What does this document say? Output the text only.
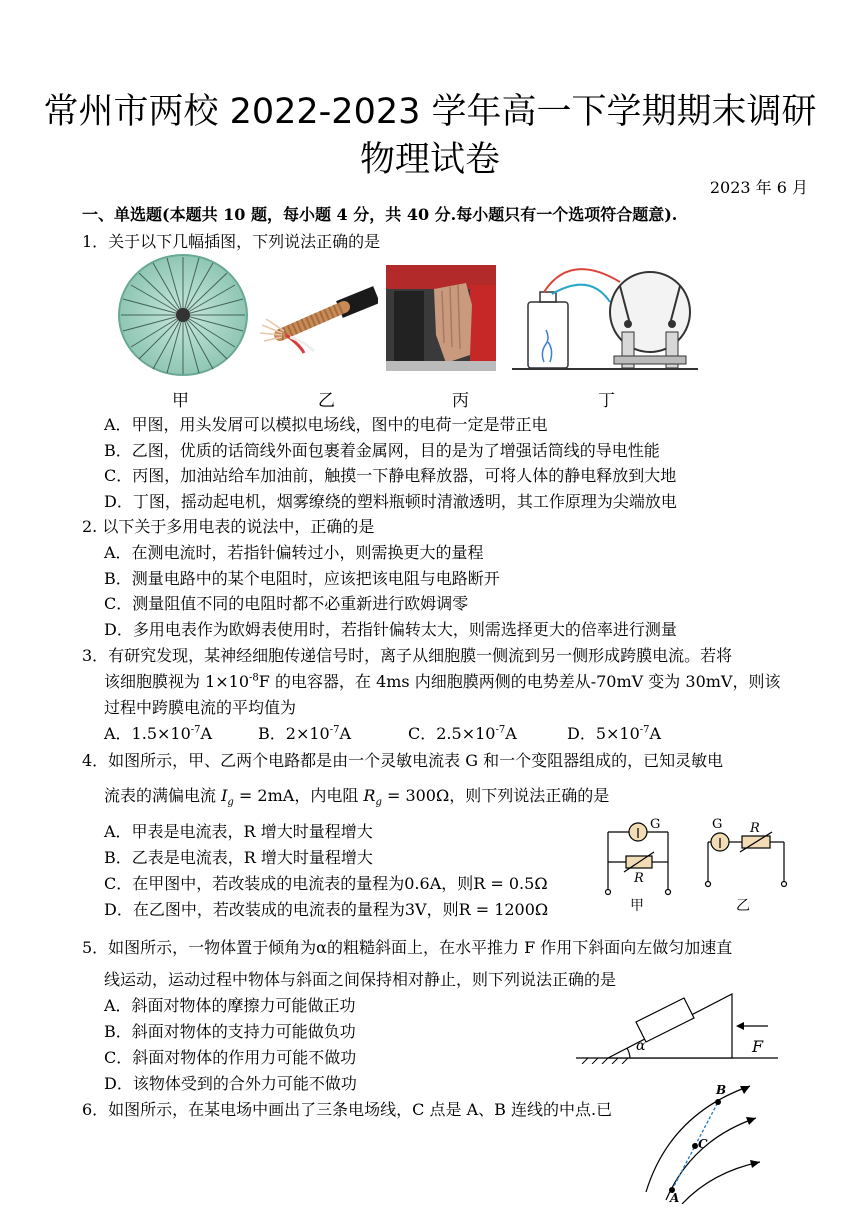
常州市两校 2022-2023 学年高一下学期期末调研
物理试卷
2023 年 6 月
一、单选题(本题共 10 题，每小题 4 分，共 40 分.每小题只有一个选项符合题意).
1．关于以下几幅插图，下列说法正确的是
甲	乙	丙	丁
A．甲图，用头发屑可以模拟电场线，图中的电荷一定是带正电
B．乙图，优质的话筒线外面包裹着金属网，目的是为了增强话筒线的导电性能
C．丙图，加油站给车加油前，触摸一下静电释放器，可将人体的静电释放到大地
D．丁图，摇动起电机，烟雾缭绕的塑料瓶顿时清澈透明，其工作原理为尖端放电
2. 以下关于多用电表的说法中，正确的是
A．在测电流时，若指针偏转过小，则需换更大的量程
B．测量电路中的某个电阻时，应该把该电阻与电路断开
C．测量阻值不同的电阻时都不必重新进行欧姆调零
D．多用电表作为欧姆表使用时，若指针偏转太大，则需选择更大的倍率进行测量
3．有研究发现，某神经细胞传递信号时，离子从细胞膜一侧流到另一侧形成跨膜电流。若将
该细胞膜视为 $1\times 10^{-8}F$ 的电容器，在 4ms 内细胞膜两侧的电势差从-70mV 变为 30mV，则该
过程中跨膜电流的平均值为
A．$1.5\times 10^{-7}A$	B．$2\times 10^{-7}A$	C．$2.5\times 10^{-7}A$	D．$5\times 10^{-7}A$
4．如图所示，甲、乙两个电路都是由一个灵敏电流表 G 和一个变阻器组成的，已知灵敏电
流表的满偏电流 $I_g = 2mA$，内电阻 $R_g = 300\Omega$，则下列说法正确的是
A．甲表是电流表，R 增大时量程增大
B．乙表是电流表，R 增大时量程增大
C．在甲图中，若改装成的电流表的量程为0.6A，则R = 0.5Ω
D．在乙图中，若改装成的电流表的量程为3V，则R = 1200Ω
G	G
R
R
甲	乙
5．如图所示，一物体置于倾角为α的粗糙斜面上，在水平推力 F 作用下斜面向左做匀加速直
线运动，运动过程中物体与斜面之间保持相对静止，则下列说法正确的是
A．斜面对物体的摩擦力可能做正功
B．斜面对物体的支持力可能做负功
C．斜面对物体的作用力可能不做功
D．该物体受到的合外力可能不做功
α	F
6．如图所示，在某电场中画出了三条电场线，C 点是 A、B 连线的中点.已
B
C
A
